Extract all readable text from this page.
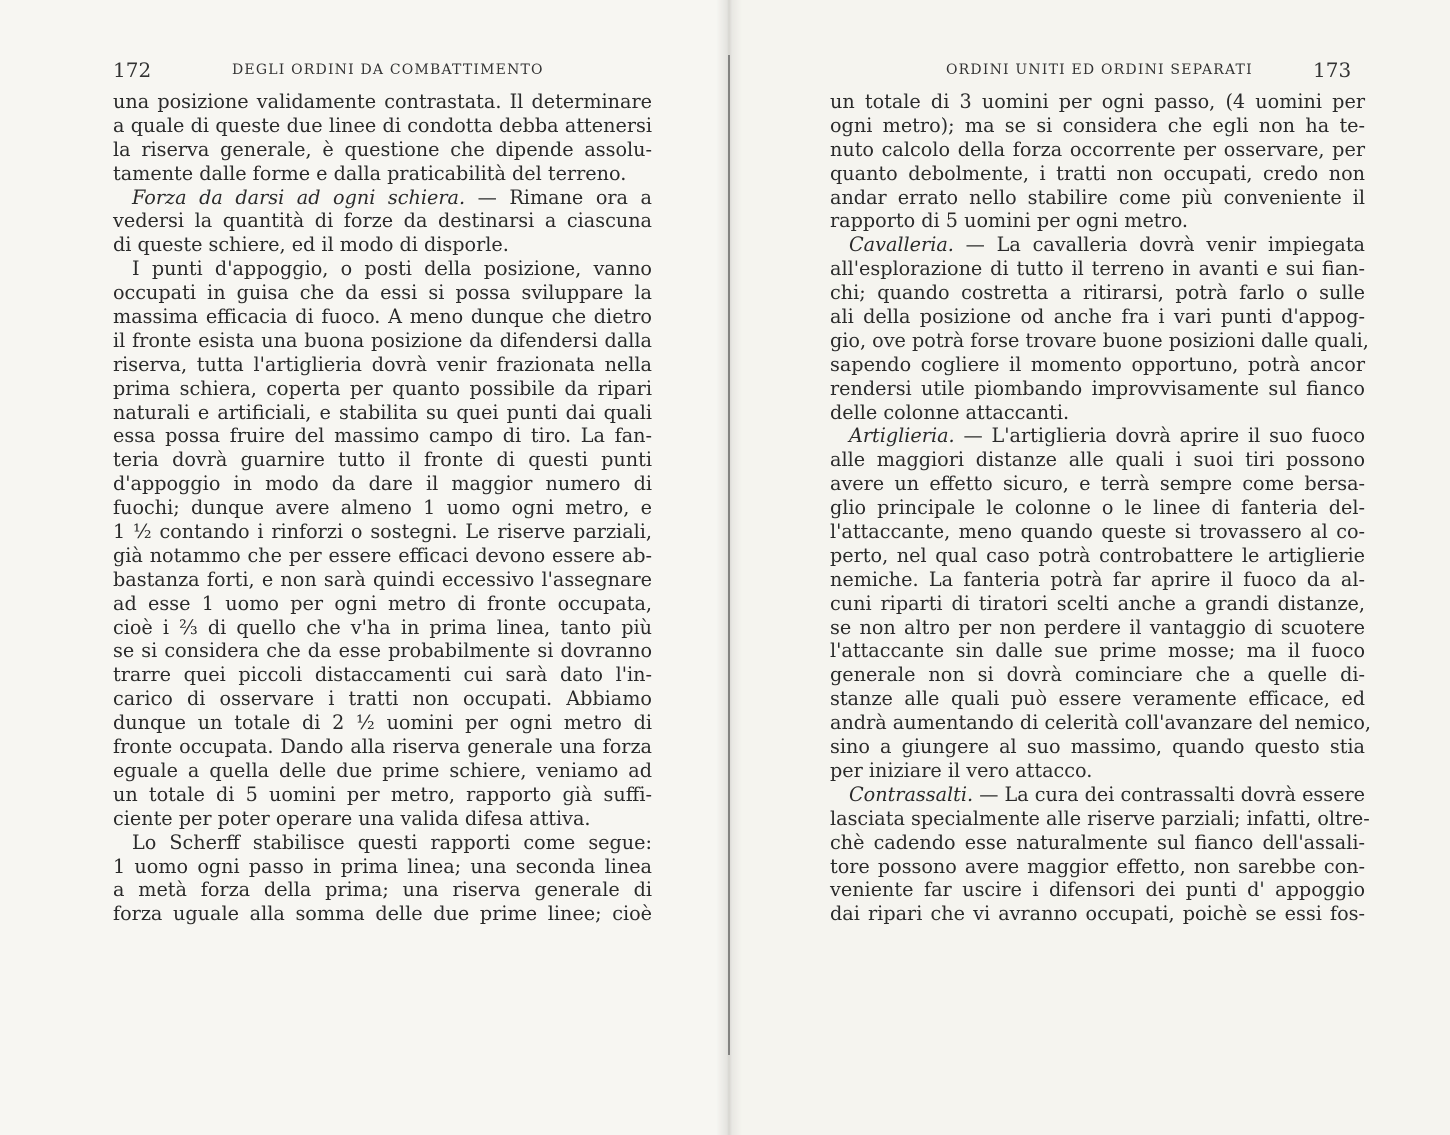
172	DEGLI ORDINI DA COMBATTIMENTO
una posizione validamente contrastata. Il determinare
a quale di queste due linee di condotta debba attenersi
la riserva generale, è questione che dipende assolu-
tamente dalle forme e dalla praticabilità del terreno.
Forza da darsi ad ogni schiera. — Rimane ora a
vedersi la quantità di forze da destinarsi a ciascuna
di queste schiere, ed il modo di disporle.
I punti d'appoggio, o posti della posizione, vanno
occupati in guisa che da essi si possa sviluppare la
massima efficacia di fuoco. A meno dunque che dietro
il fronte esista una buona posizione da difendersi dalla
riserva, tutta l'artiglieria dovrà venir frazionata nella
prima schiera, coperta per quanto possibile da ripari
naturali e artificiali, e stabilita su quei punti dai quali
essa possa fruire del massimo campo di tiro. La fan-
teria dovrà guarnire tutto il fronte di questi punti
d'appoggio in modo da dare il maggior numero di
fuochi; dunque avere almeno 1 uomo ogni metro, e
1 ½ contando i rinforzi o sostegni. Le riserve parziali,
già notammo che per essere efficaci devono essere ab-
bastanza forti, e non sarà quindi eccessivo l'assegnare
ad esse 1 uomo per ogni metro di fronte occupata,
cioè i ⅔ di quello che v'ha in prima linea, tanto più
se si considera che da esse probabilmente si dovranno
trarre quei piccoli distaccamenti cui sarà dato l'in-
carico di osservare i tratti non occupati. Abbiamo
dunque un totale di 2 ½ uomini per ogni metro di
fronte occupata. Dando alla riserva generale una forza
eguale a quella delle due prime schiere, veniamo ad
un totale di 5 uomini per metro, rapporto già suffi-
ciente per poter operare una valida difesa attiva.
Lo Scherff stabilisce questi rapporti come segue:
1 uomo ogni passo in prima linea; una seconda linea
a metà forza della prima; una riserva generale di
forza uguale alla somma delle due prime linee; cioè
ORDINI UNITI ED ORDINI SEPARATI	173
un totale di 3 uomini per ogni passo, (4 uomini per
ogni metro); ma se si considera che egli non ha te-
nuto calcolo della forza occorrente per osservare, per
quanto debolmente, i tratti non occupati, credo non
andar errato nello stabilire come più conveniente il
rapporto di 5 uomini per ogni metro.
Cavalleria. — La cavalleria dovrà venir impiegata
all'esplorazione di tutto il terreno in avanti e sui fian-
chi; quando costretta a ritirarsi, potrà farlo o sulle
ali della posizione od anche fra i vari punti d'appog-
gio, ove potrà forse trovare buone posizioni dalle quali,
sapendo cogliere il momento opportuno, potrà ancor
rendersi utile piombando improvvisamente sul fianco
delle colonne attaccanti.
Artiglieria. — L'artiglieria dovrà aprire il suo fuoco
alle maggiori distanze alle quali i suoi tiri possono
avere un effetto sicuro, e terrà sempre come bersa-
glio principale le colonne o le linee di fanteria del-
l'attaccante, meno quando queste si trovassero al co-
perto, nel qual caso potrà controbattere le artiglierie
nemiche. La fanteria potrà far aprire il fuoco da al-
cuni riparti di tiratori scelti anche a grandi distanze,
se non altro per non perdere il vantaggio di scuotere
l'attaccante sin dalle sue prime mosse; ma il fuoco
generale non si dovrà cominciare che a quelle di-
stanze alle quali può essere veramente efficace, ed
andrà aumentando di celerità coll'avanzare del nemico,
sino a giungere al suo massimo, quando questo stia
per iniziare il vero attacco.
Contrassalti. — La cura dei contrassalti dovrà essere
lasciata specialmente alle riserve parziali; infatti, oltre-
chè cadendo esse naturalmente sul fianco dell'assali-
tore possono avere maggior effetto, non sarebbe con-
veniente far uscire i difensori dei punti d' appoggio
dai ripari che vi avranno occupati, poichè se essi fos-
